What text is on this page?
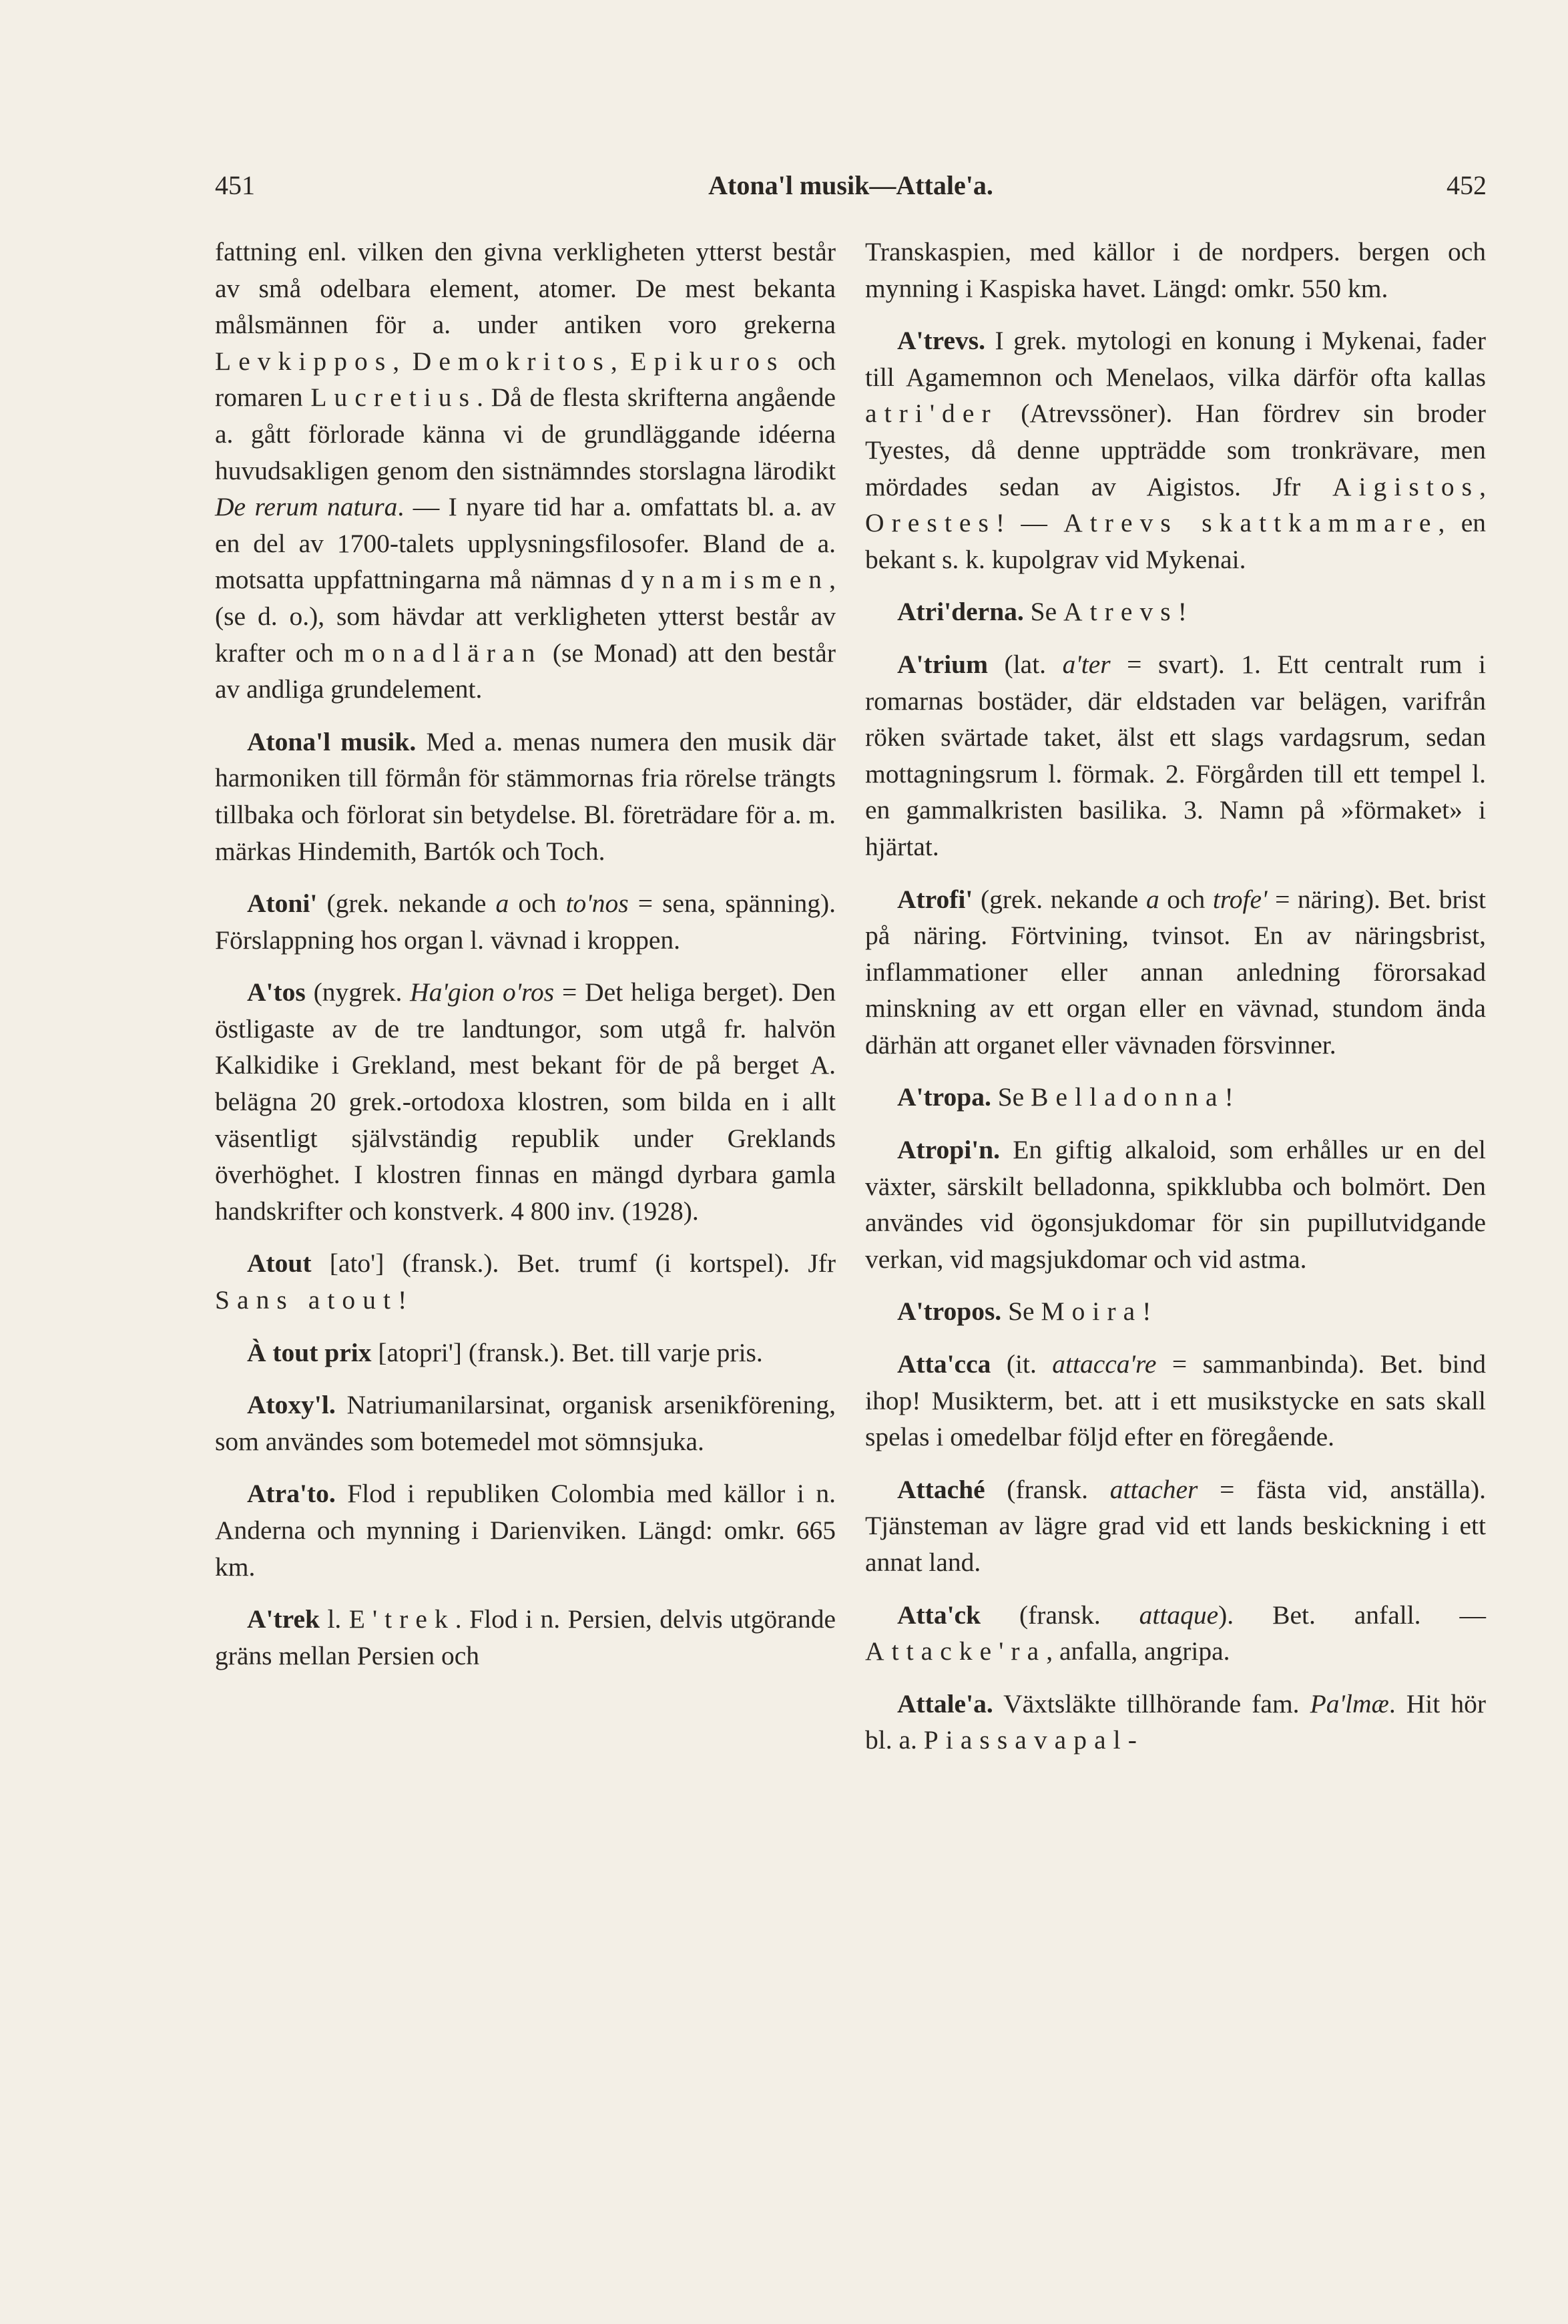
451	Atona'l musik—Attale'a.	452

fattning enl. vilken den givna verkligheten ytterst består av små odelbara element, atomer. De mest bekanta målsmännen för a. under antiken voro grekerna Levkippos, Demokritos, Epikuros och romaren Lucretius. Då de flesta skrifterna angående a. gått förlorade känna vi de grundläggande idéerna huvudsakligen genom den sistnämndes storslagna lärodikt De rerum natura. — I nyare tid har a. omfattats bl. a. av en del av 1700-talets upplysningsfilosofer. Bland de a. motsatta uppfattningarna må nämnas dynamismen, (se d. o.), som hävdar att verkligheten ytterst består av krafter och monadläran (se Monad) att den består av andliga grundelement.

Atona'l musik. Med a. menas numera den musik där harmoniken till förmån för stämmornas fria rörelse trängts tillbaka och förlorat sin betydelse. Bl. företrädare för a. m. märkas Hindemith, Bartók och Toch.

Atoni' (grek. nekande a och to'nos = sena, spänning). Förslappning hos organ l. vävnad i kroppen.

A'tos (nygrek. Ha'gion o'ros = Det heliga berget). Den östligaste av de tre landtungor, som utgå fr. halvön Kalkidike i Grekland, mest bekant för de på berget A. belägna 20 grek.-ortodoxa klostren, som bilda en i allt väsentligt självständig republik under Greklands överhöghet. I klostren finnas en mängd dyrbara gamla handskrifter och konstverk. 4 800 inv. (1928).

Atout [ato'] (fransk.). Bet. trumf (i kortspel). Jfr Sans atout!

À tout prix [atopri'] (fransk.). Bet. till varje pris.

Atoxy'l. Natriumanilarsinat, organisk arsenikförening, som användes som botemedel mot sömnsjuka.

Atra'to. Flod i republiken Colombia med källor i n. Anderna och mynning i Darienviken. Längd: omkr. 665 km.

A'trek l. E'trek. Flod i n. Persien, delvis utgörande gräns mellan Persien och

Transkaspien, med källor i de nordpers. bergen och mynning i Kaspiska havet. Längd: omkr. 550 km.

A'trevs. I grek. mytologi en konung i Mykenai, fader till Agamemnon och Menelaos, vilka därför ofta kallas atri'der (Atrevssöner). Han fördrev sin broder Tyestes, då denne uppträdde som tronkrävare, men mördades sedan av Aigistos. Jfr Aigistos, Orestes! — Atrevs skattkammare, en bekant s. k. kupolgrav vid Mykenai.

Atri'derna. Se Atrevs!

A'trium (lat. a'ter = svart). 1. Ett centralt rum i romarnas bostäder, där eldstaden var belägen, varifrån röken svärtade taket, älst ett slags vardagsrum, sedan mottagningsrum l. förmak. 2. Förgården till ett tempel l. en gammalkristen basilika. 3. Namn på »förmaket» i hjärtat.

Atrofi' (grek. nekande a och trofe' = näring). Bet. brist på näring. Förtvining, tvinsot. En av näringsbrist, inflammationer eller annan anledning förorsakad minskning av ett organ eller en vävnad, stundom ända därhän att organet eller vävnaden försvinner.

A'tropa. Se Belladonna!

Atropi'n. En giftig alkaloid, som erhålles ur en del växter, särskilt belladonna, spikklubba och bolmört. Den användes vid ögonsjukdomar för sin pupillutvidgande verkan, vid magsjukdomar och vid astma.

A'tropos. Se Moira!

Atta'cca (it. attacca're = sammanbinda). Bet. bind ihop! Musikterm, bet. att i ett musikstycke en sats skall spelas i omedelbar följd efter en föregående.

Attaché (fransk. attacher = fästa vid, anställa). Tjänsteman av lägre grad vid ett lands beskickning i ett annat land.

Atta'ck (fransk. attaque). Bet. anfall. — Attacke'ra, anfalla, angripa.

Attale'a. Växtsläkte tillhörande fam. Pa'lmæ. Hit hör bl. a. Piassavapal-
